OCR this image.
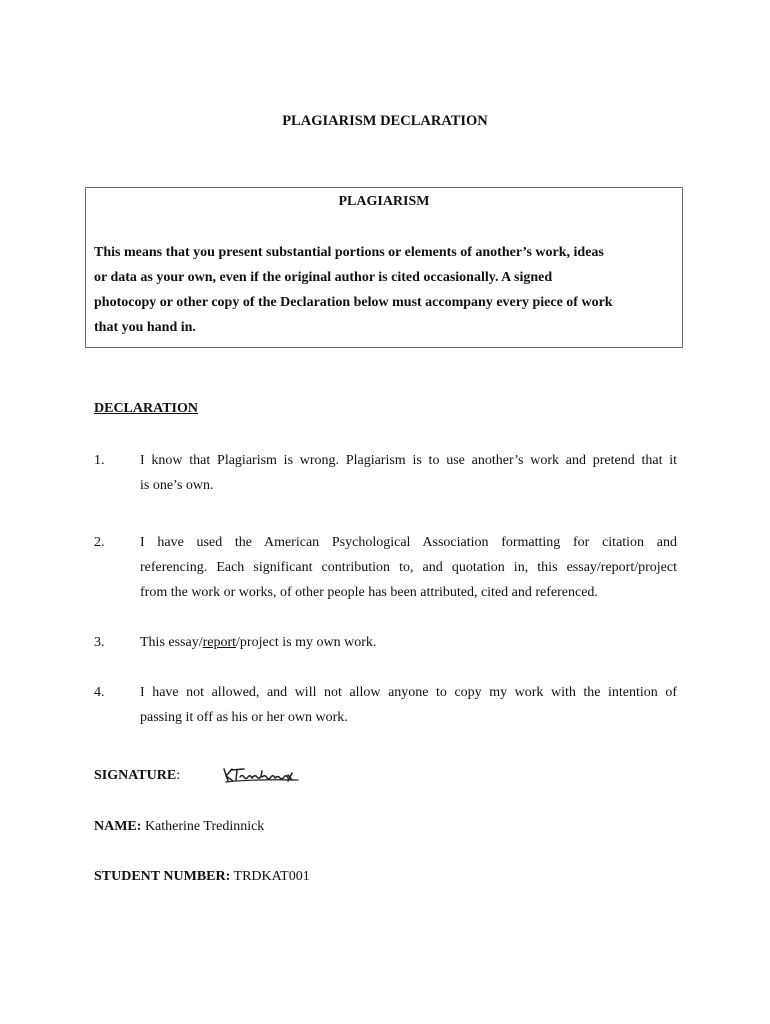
PLAGIARISM DECLARATION
PLAGIARISM
This means that you present substantial portions or elements of another’s work, ideas
or data as your own, even if the original author is cited occasionally. A signed
photocopy or other copy of the Declaration below must accompany every piece of work
that you hand in.
DECLARATION
1.	I know that Plagiarism is wrong. Plagiarism is to use another’s work and pretend that it
is one’s own.
2.	I have used the American Psychological Association formatting for citation and
referencing. Each significant contribution to, and quotation in, this essay/report/project
from the work or works, of other people has been attributed, cited and referenced.
3.	This essay/report/project is my own work.
4.	I have not allowed, and will not allow anyone to copy my work with the intention of
passing it off as his or her own work.
SIGNATURE:
NAME: Katherine Tredinnick
STUDENT NUMBER: TRDKAT001
